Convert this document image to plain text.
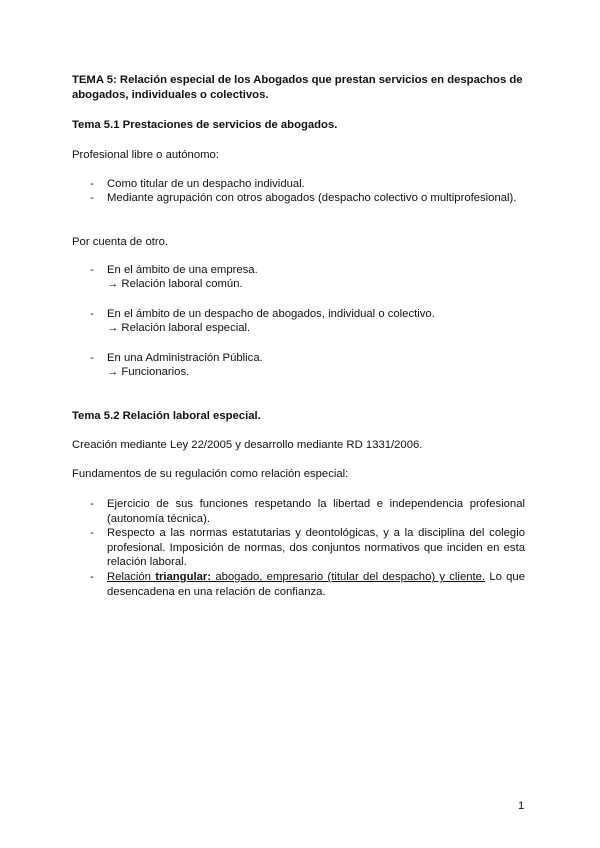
TEMA 5: Relación especial de los Abogados que prestan servicios en despachos de abogados, individuales o colectivos.
Tema 5.1 Prestaciones de servicios de abogados.
Profesional libre o autónomo:
- Como titular de un despacho individual.
- Mediante agrupación con otros abogados (despacho colectivo o multiprofesional).
Por cuenta de otro.
- En el ámbito de una empresa.
→ Relación laboral común.
- En el ámbito de un despacho de abogados, individual o colectivo.
→ Relación laboral especial.
- En una Administración Pública.
→ Funcionarios.
Tema 5.2 Relación laboral especial.
Creación mediante Ley 22/2005 y desarrollo mediante RD 1331/2006.
Fundamentos de su regulación como relación especial:
- Ejercicio de sus funciones respetando la libertad e independencia profesional (autonomía técnica).
- Respecto a las normas estatutarias y deontológicas, y a la disciplina del colegio profesional. Imposición de normas, dos conjuntos normativos que inciden en esta relación laboral.
- Relación triangular: abogado, empresario (titular del despacho) y cliente. Lo que desencadena en una relación de confianza.
1
